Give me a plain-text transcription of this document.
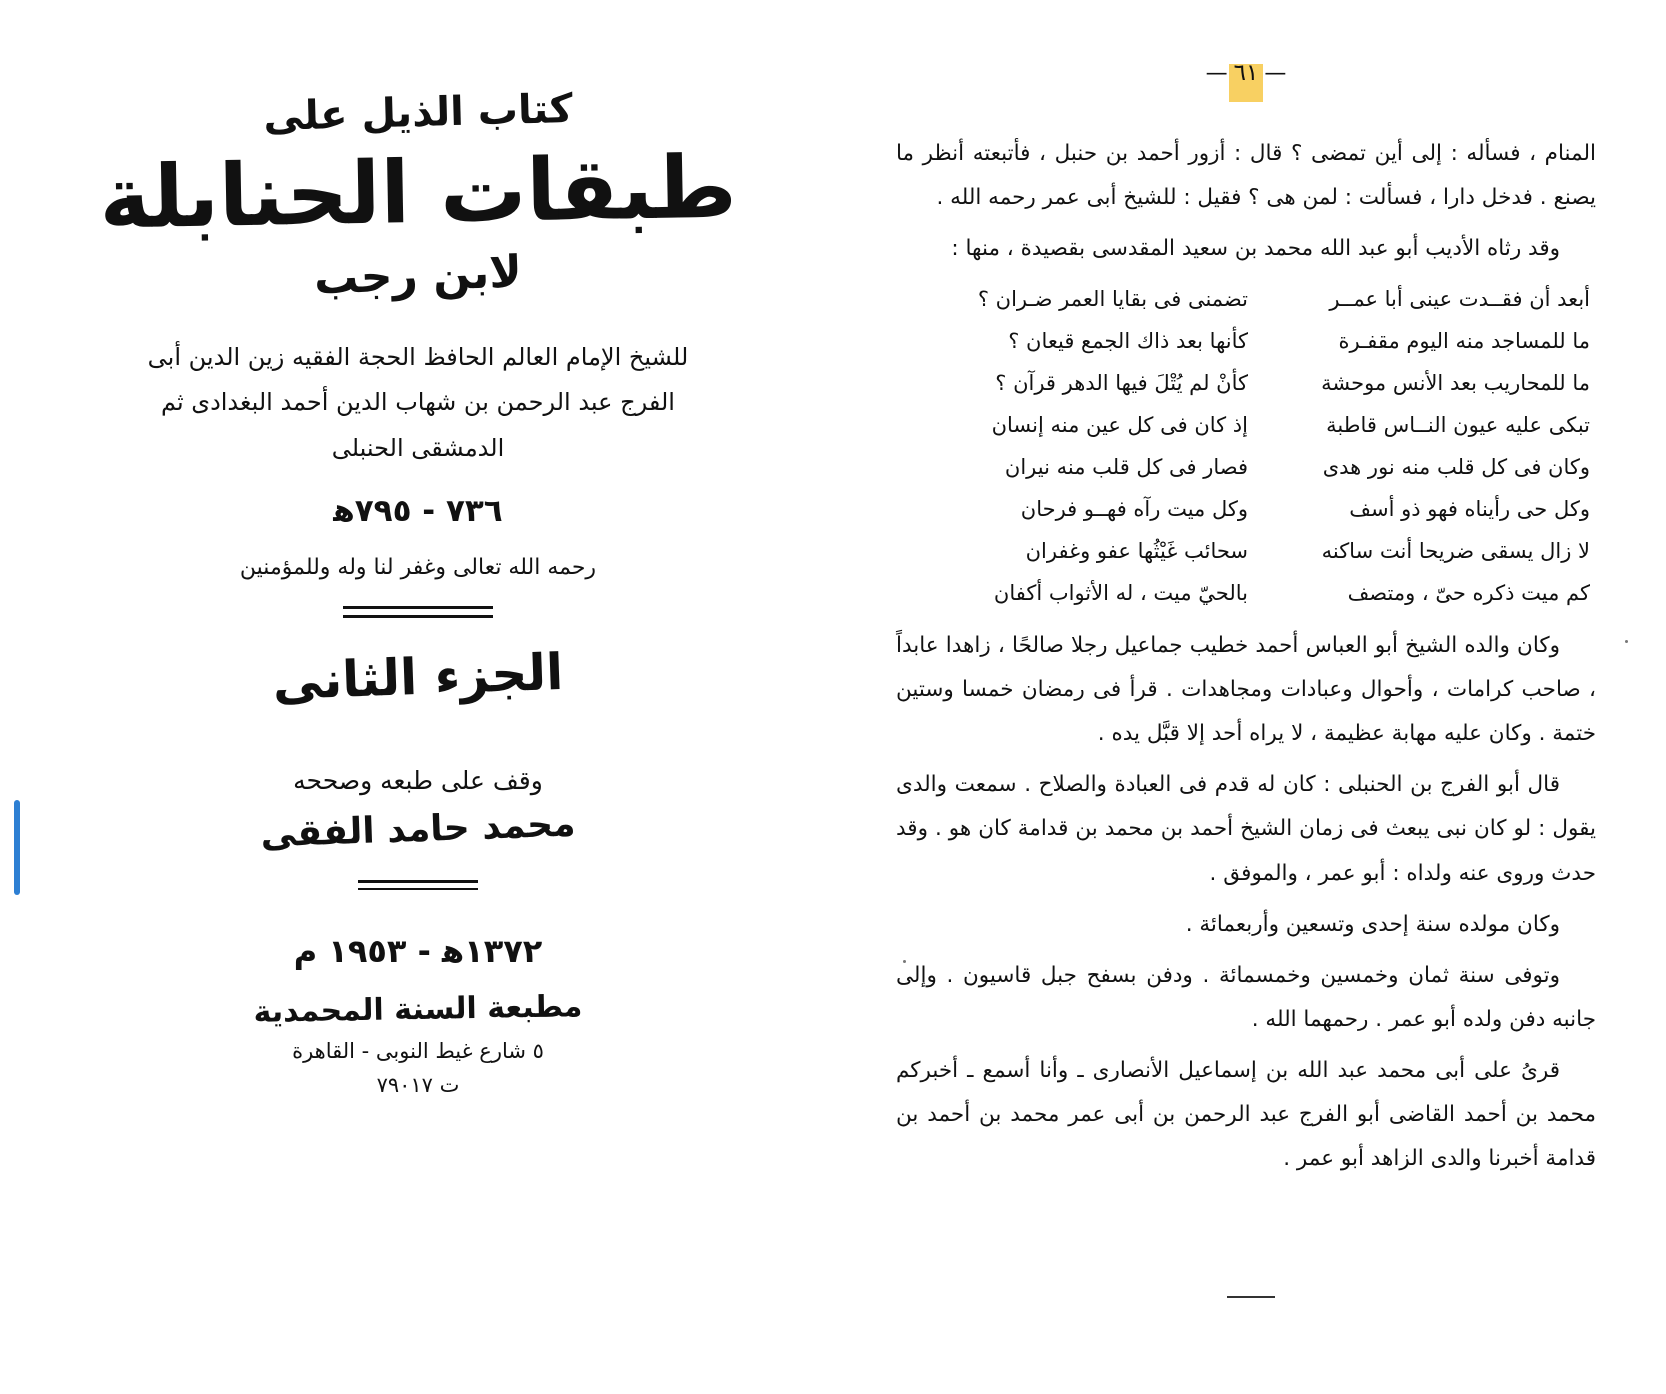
—٦١—

المنام ، فسأله : إلى أين تمضى ؟ قال : أزور أحمد بن حنبل ، فأتبعته أنظر ما يصنع . فدخل دارا ، فسألت : لمن هى ؟ فقيل : للشيخ أبى عمر رحمه الله .

وقد رثاه الأديب أبو عبد الله محمد بن سعيد المقدسى بقصيدة ، منها :

أبعد أن فقــدت عينى أبا عمــر
تضمنى فى بقايا العمر ضـران ؟
ما للمساجد منه اليوم مقفـرة
كأنها بعد ذاك الجمع قيعان ؟
ما للمحاريب بعد الأنس موحشة
كأنْ لم يُتْلَ فيها الدهر قرآن ؟
تبكى عليه عيون النــاس قاطبة
إذ كان فى كل عين منه إنسان
وكان فى كل قلب منه نور هدى
فصار فى كل قلب منه نيران
وكل حى رأيناه فهو ذو أسف
وكل ميت رآه فهــو فرحان
لا زال يسقى ضريحا أنت ساكنه
سحائب غَيْثُها عفو وغفران
كم ميت ذكره حىّ ، ومتصف
بالحيّ ميت ، له الأثواب أكفان

وكان والده الشيخ أبو العباس أحمد خطيب جماعيل رجلا صالحًا ، زاهدا عابداً ، صاحب كرامات ، وأحوال وعبادات ومجاهدات . قرأ فى رمضان خمسا وستين ختمة . وكان عليه مهابة عظيمة ، لا يراه أحد إلا قبَّل يده .

قال أبو الفرج بن الحنبلى : كان له قدم فى العبادة والصلاح . سمعت والدى يقول : لو كان نبى يبعث فى زمان الشيخ أحمد بن محمد بن قدامة كان هو . وقد حدث وروى عنه ولداه : أبو عمر ، والموفق .

وكان مولده سنة إحدى وتسعين وأربعمائة .

وتوفى سنة ثمان وخمسين وخمسمائة . ودفن بسفح جبل قاسيون . وإلى جانبه دفن ولده أبو عمر . رحمهما الله .

قرىُ على أبى محمد عبد الله بن إسماعيل الأنصارى ـ وأنا أسمع ـ أخبركم محمد بن أحمد القاضى أبو الفرج عبد الرحمن بن أبى عمر محمد بن أحمد بن قدامة أخبرنا والدى الزاهد أبو عمر .

كتاب الذيل على
طبقات الحنابلة
لابن رجب
للشيخ الإمام العالم الحافظ الحجة الفقيه زين الدين أبى الفرج عبد الرحمن بن شهاب الدين أحمد البغدادى ثم الدمشقى الحنبلى
٧٣٦ - ٧٩٥ﻫ
رحمه الله تعالى وغفر لنا وله وللمؤمنين
الجزء الثانى
وقف على طبعه وصححه
محمد حامد الفقى
١٣٧٢ﻫ - ١٩٥٣ م
مطبعة السنة المحمدية
٥ شارع غيط النوبى - القاهرة
ت ٧٩٠١٧
